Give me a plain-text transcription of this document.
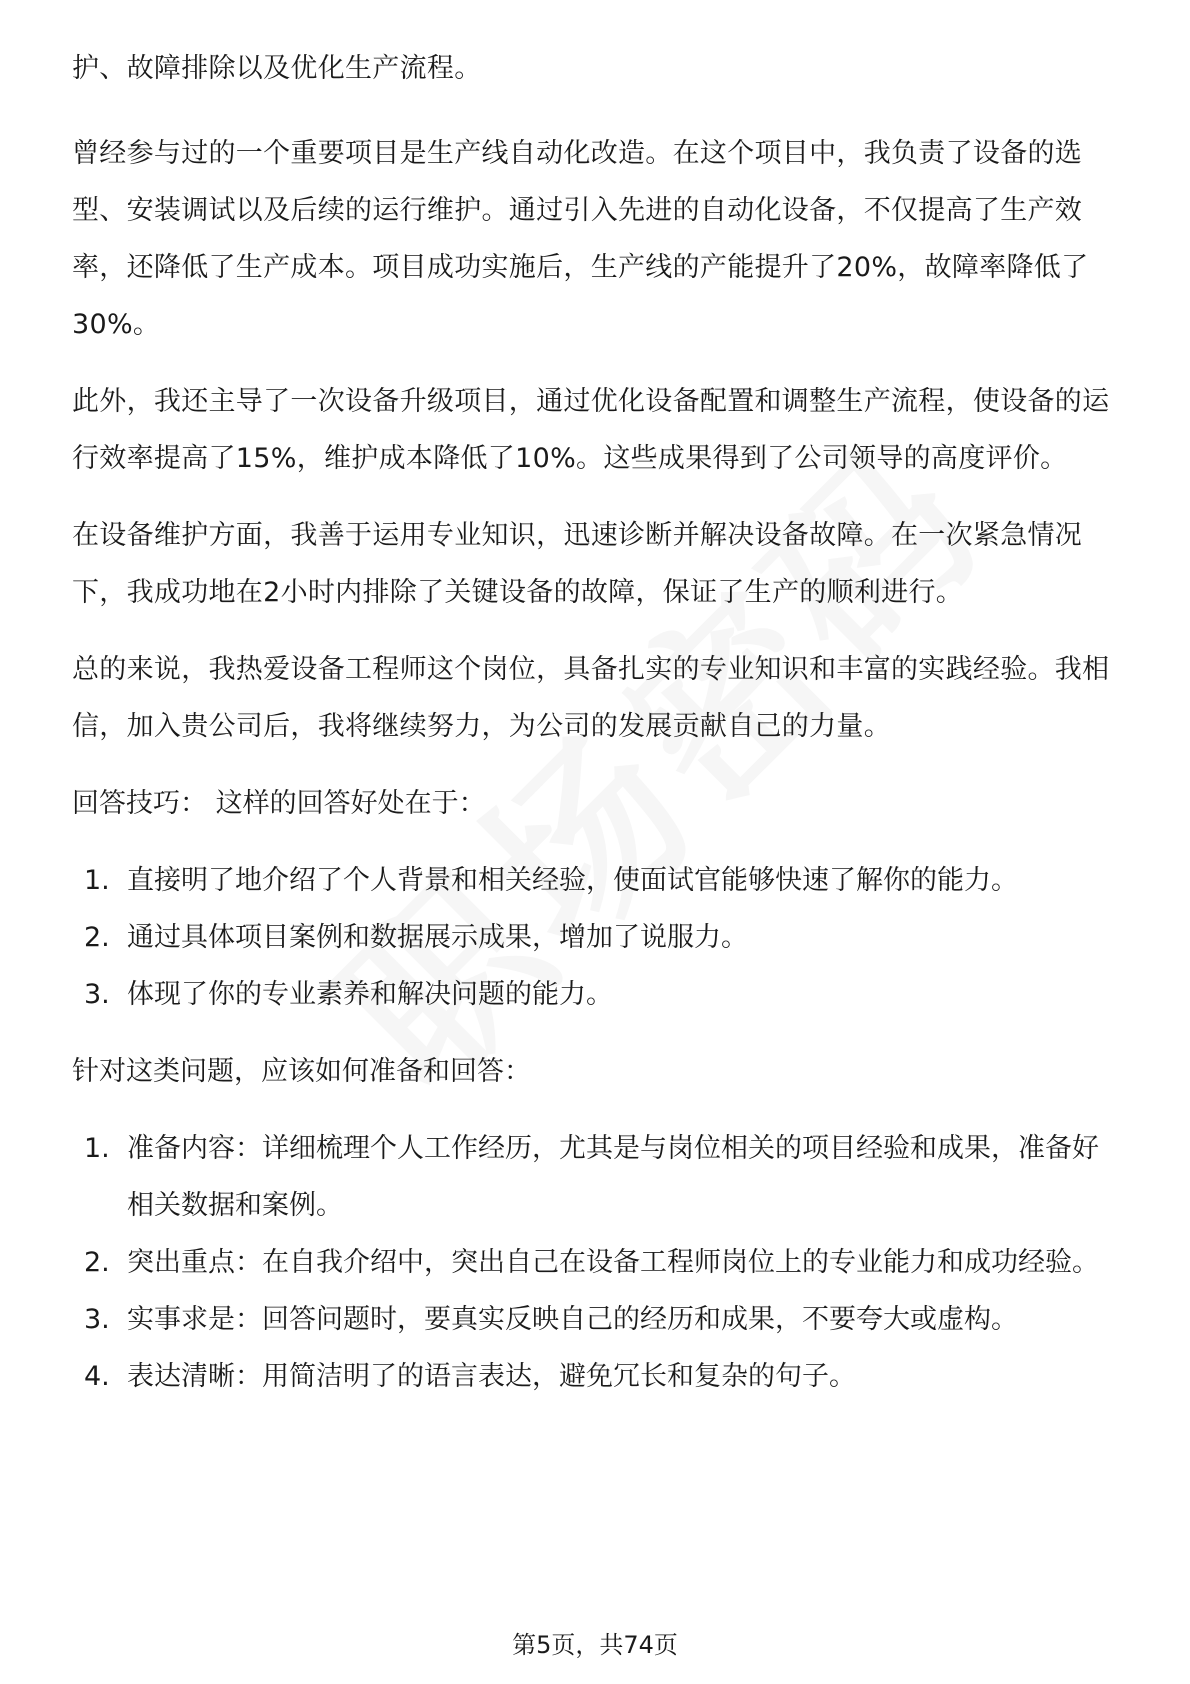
护、故障排除以及优化生产流程。

曾经参与过的一个重要项目是生产线自动化改造。在这个项目中，我负责了设备的选型、安装调试以及后续的运行维护。通过引入先进的自动化设备，不仅提高了生产效率，还降低了生产成本。项目成功实施后，生产线的产能提升了20%，故障率降低了30%。

此外，我还主导了一次设备升级项目，通过优化设备配置和调整生产流程，使设备的运行效率提高了15%，维护成本降低了10%。这些成果得到了公司领导的高度评价。

在设备维护方面，我善于运用专业知识，迅速诊断并解决设备故障。在一次紧急情况下，我成功地在2小时内排除了关键设备的故障，保证了生产的顺利进行。

总的来说，我热爱设备工程师这个岗位，具备扎实的专业知识和丰富的实践经验。我相信，加入贵公司后，我将继续努力，为公司的发展贡献自己的力量。

回答技巧： 这样的回答好处在于：

1. 直接明了地介绍了个人背景和相关经验，使面试官能够快速了解你的能力。
2. 通过具体项目案例和数据展示成果，增加了说服力。
3. 体现了你的专业素养和解决问题的能力。

针对这类问题，应该如何准备和回答：

1. 准备内容：详细梳理个人工作经历，尤其是与岗位相关的项目经验和成果，准备好相关数据和案例。
2. 突出重点：在自我介绍中，突出自己在设备工程师岗位上的专业能力和成功经验。
3. 实事求是：回答问题时，要真实反映自己的经历和成果，不要夸大或虚构。
4. 表达清晰：用简洁明了的语言表达，避免冗长和复杂的句子。
第5页，共74页
